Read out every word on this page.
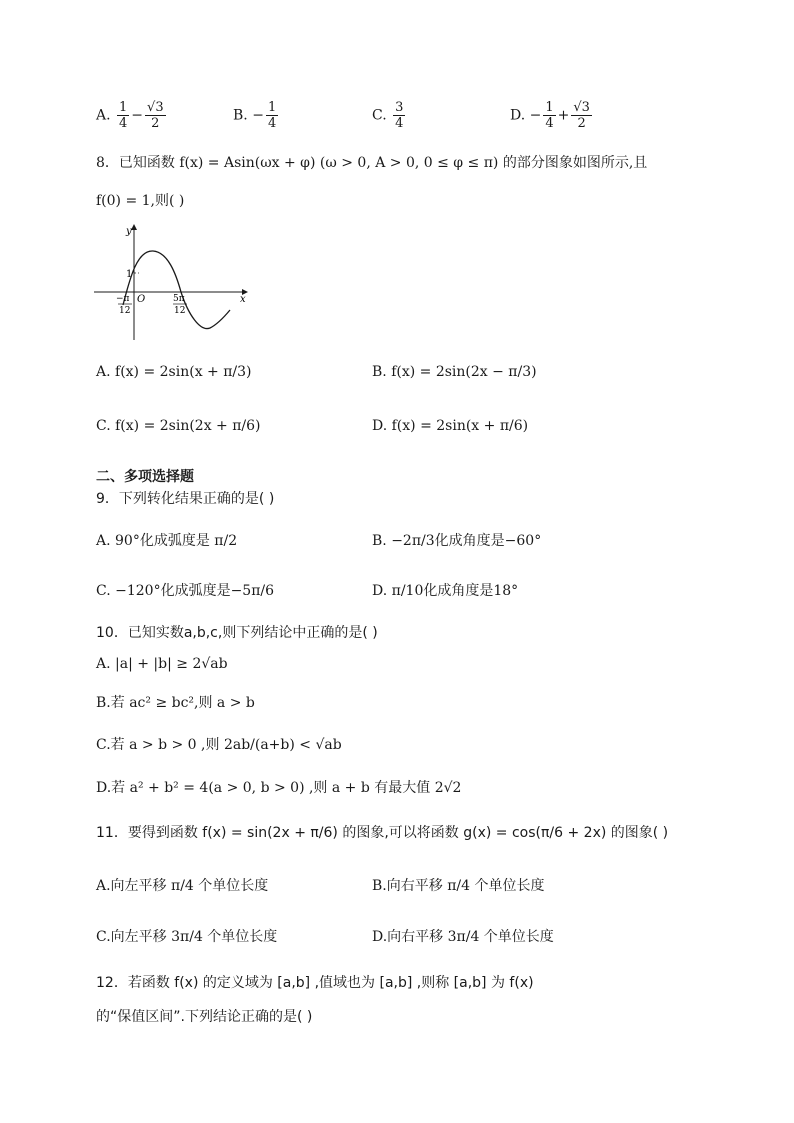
A. $\frac{1}{4} - \frac{√3}{2}$	B. − $\frac{1}{4}$	C. $\frac{3}{4}$	D. − $\frac{1}{4} + \frac{√3}{2}$
8．已知函数 f(x) = Asin(ωx + φ) (ω > 0, A > 0, 0 ≤ φ ≤ π) 的部分图象如图所示,且
f(0) = 1,则( )
y
x
O
1
−π
12
5π
12
A. f(x) = 2sin(x + π/3)	B. f(x) = 2sin(2x − π/3)
C. f(x) = 2sin(2x + π/6)	D. f(x) = 2sin(x + π/6)
二、多项选择题
9．下列转化结果正确的是( )
A. 90°化成弧度是 π/2	B. −2π/3化成角度是−60°
C. −120°化成弧度是−5π/6	D. π/10化成角度是18°
10．已知实数a,b,c,则下列结论中正确的是( )
A. |a| + |b| ≥ 2√ab
B.若 ac² ≥ bc²,则 a > b
C.若 a > b > 0 ,则 2ab/(a+b) < √ab
D.若 a² + b² = 4(a > 0, b > 0) ,则 a + b 有最大值 2√2
11．要得到函数 f(x) = sin(2x + π/6) 的图象,可以将函数 g(x) = cos(π/6 + 2x) 的图象( )
A.向左平移 π/4 个单位长度	B.向右平移 π/4 个单位长度
C.向左平移 3π/4 个单位长度	D.向右平移 3π/4 个单位长度
12．若函数 f(x) 的定义域为 [a,b] ,值域也为 [a,b] ,则称 [a,b] 为 f(x)
的“保值区间”.下列结论正确的是( )
